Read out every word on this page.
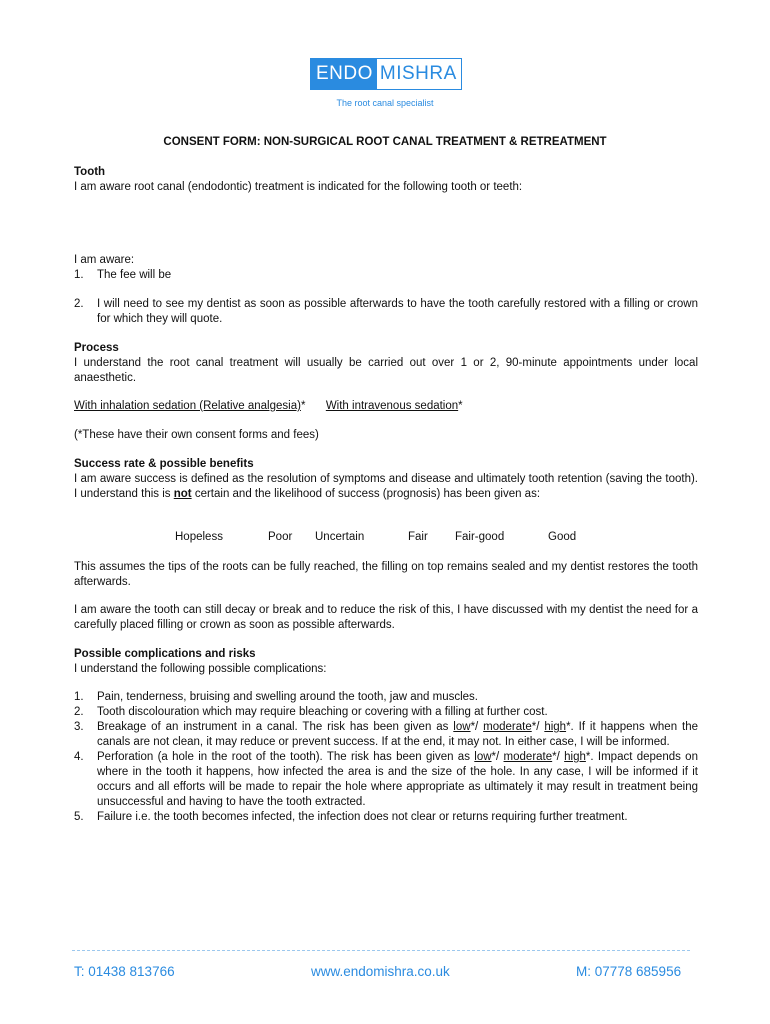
ENDO MISHRA
The root canal specialist
CONSENT FORM: NON-SURGICAL ROOT CANAL TREATMENT & RETREATMENT
Tooth
I am aware root canal (endodontic) treatment is indicated for the following tooth or teeth:
I am aware:
1.	The fee will be
2.	I will need to see my dentist as soon as possible afterwards to have the tooth carefully restored with a filling or crown for which they will quote.
Process
I understand the root canal treatment will usually be carried out over 1 or 2, 90-minute appointments under local anaesthetic.
With inhalation sedation (Relative analgesia)* With intravenous sedation*
(*These have their own consent forms and fees)
Success rate & possible benefits
I am aware success is defined as the resolution of symptoms and disease and ultimately tooth retention (saving the tooth). I understand this is not certain and the likelihood of success (prognosis) has been given as:
Hopeless	Poor Uncertain	Fair Fair-good	Good
This assumes the tips of the roots can be fully reached, the filling on top remains sealed and my dentist restores the tooth afterwards.
I am aware the tooth can still decay or break and to reduce the risk of this, I have discussed with my dentist the need for a carefully placed filling or crown as soon as possible afterwards.
Possible complications and risks
I understand the following possible complications:
1.	Pain, tenderness, bruising and swelling around the tooth, jaw and muscles.
2.	Tooth discolouration which may require bleaching or covering with a filling at further cost.
3.	Breakage of an instrument in a canal. The risk has been given as low*/ moderate*/ high*. If it happens when the canals are not clean, it may reduce or prevent success. If at the end, it may not. In either case, I will be informed.
4.	Perforation (a hole in the root of the tooth). The risk has been given as low*/ moderate*/ high*. Impact depends on where in the tooth it happens, how infected the area is and the size of the hole. In any case, I will be informed if it occurs and all efforts will be made to repair the hole where appropriate as ultimately it may result in treatment being unsuccessful and having to have the tooth extracted.
5.	Failure i.e. the tooth becomes infected, the infection does not clear or returns requiring further treatment.
T: 01438 813766	www.endomishra.co.uk	M: 07778 685956
